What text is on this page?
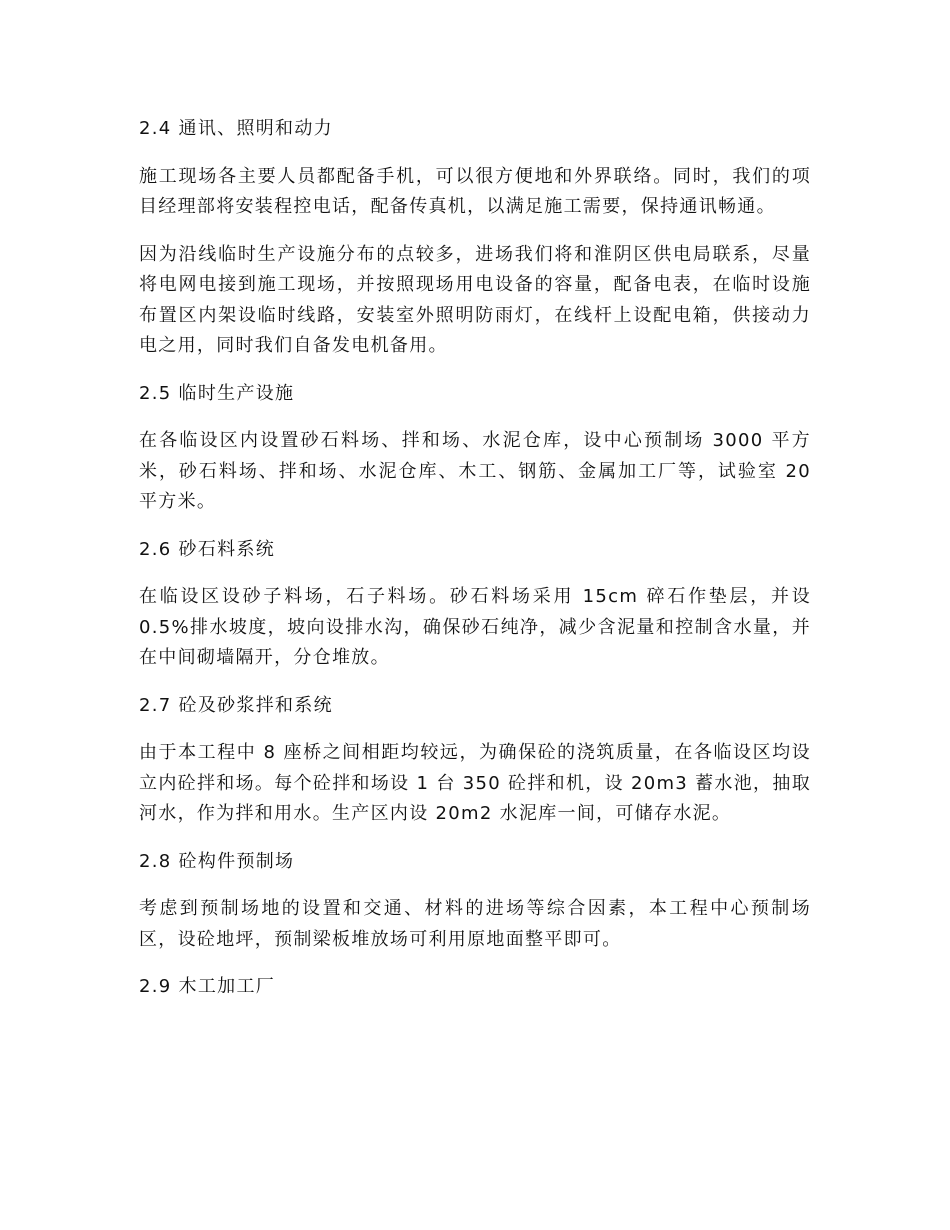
2.4 通讯、照明和动力
施工现场各主要人员都配备手机，可以很方便地和外界联络。同时，我们的项目经理部将安装程控电话，配备传真机，以满足施工需要，保持通讯畅通。
因为沿线临时生产设施分布的点较多，进场我们将和淮阴区供电局联系，尽量将电网电接到施工现场，并按照现场用电设备的容量，配备电表，在临时设施布置区内架设临时线路，安装室外照明防雨灯，在线杆上设配电箱，供接动力电之用，同时我们自备发电机备用。
2.5 临时生产设施
在各临设区内设置砂石料场、拌和场、水泥仓库，设中心预制场 3000 平方米，砂石料场、拌和场、水泥仓库、木工、钢筋、金属加工厂等，试验室 20 平方米。
2.6 砂石料系统
在临设区设砂子料场，石子料场。砂石料场采用 15cm 碎石作垫层，并设 0.5%排水坡度，坡向设排水沟，确保砂石纯净，减少含泥量和控制含水量，并在中间砌墙隔开，分仓堆放。
2.7 砼及砂浆拌和系统
由于本工程中 8 座桥之间相距均较远，为确保砼的浇筑质量，在各临设区均设立内砼拌和场。每个砼拌和场设 1 台 350 砼拌和机，设 20m3 蓄水池，抽取河水，作为拌和用水。生产区内设 20m2 水泥库一间，可储存水泥。
2.8 砼构件预制场
考虑到预制场地的设置和交通、材料的进场等综合因素，本工程中心预制场区，设砼地坪，预制梁板堆放场可利用原地面整平即可。
2.9 木工加工厂
